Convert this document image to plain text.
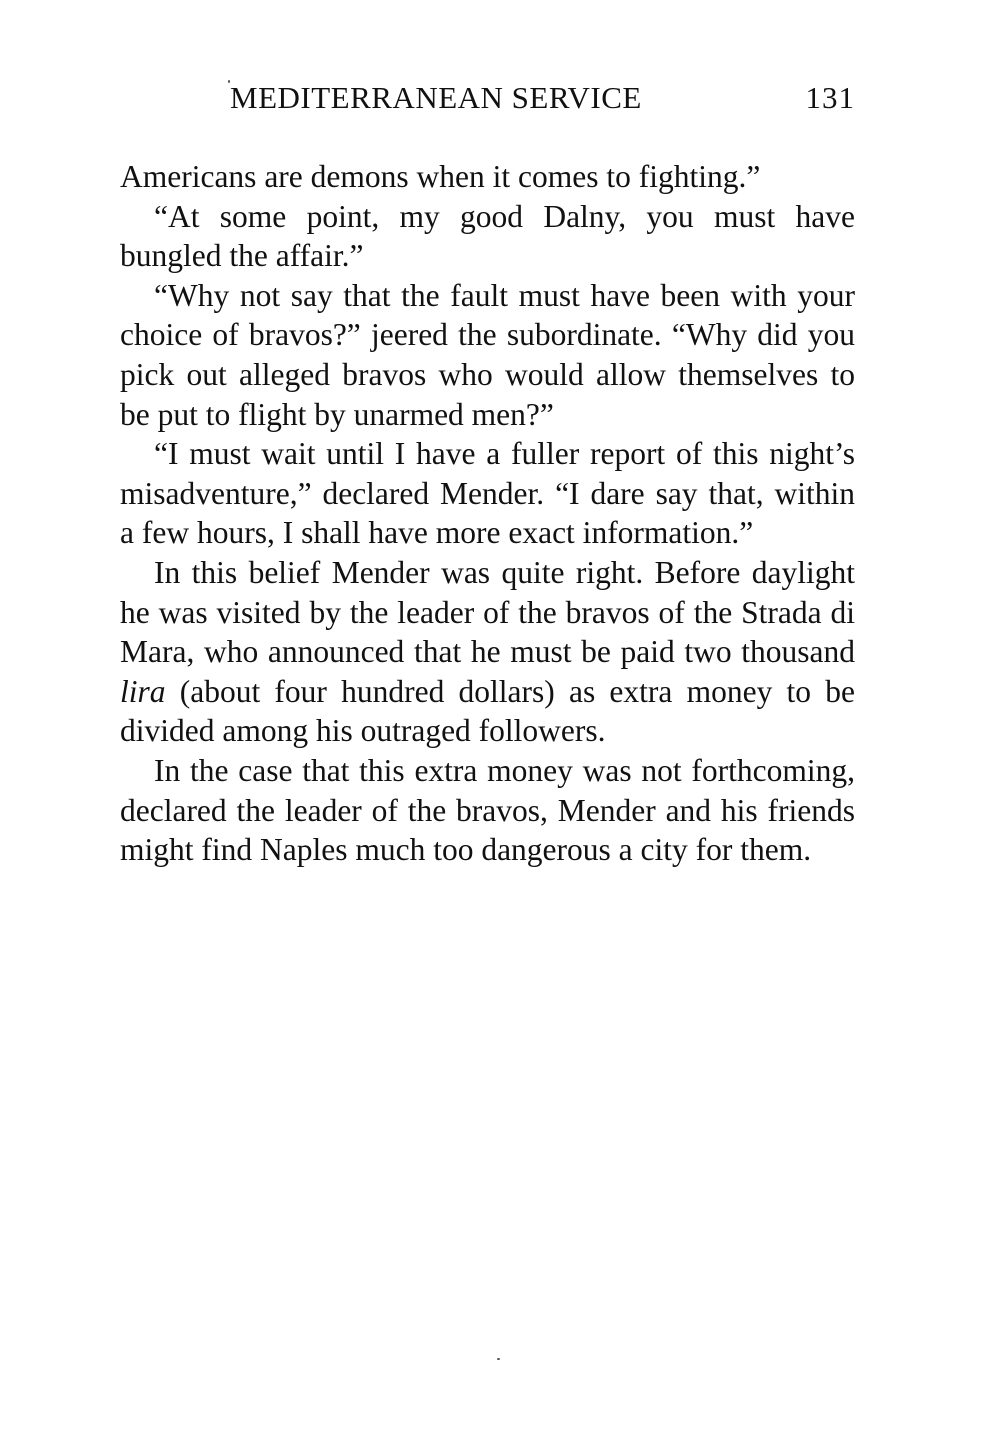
MEDITERRANEAN SERVICE	131

Americans are demons when it comes to fighting.”

“At some point, my good Dalny, you must have bungled the affair.”

“Why not say that the fault must have been with your choice of bravos?” jeered the subordinate. “Why did you pick out alleged bravos who would allow themselves to be put to flight by unarmed men?”

“I must wait until I have a fuller report of this night’s misadventure,” declared Mender. “I dare say that, within a few hours, I shall have more exact information.”

In this belief Mender was quite right. Before daylight he was visited by the leader of the bravos of the Strada di Mara, who announced that he must be paid two thousand lira (about four hundred dollars) as extra money to be divided among his outraged followers.

In the case that this extra money was not forthcoming, declared the leader of the bravos, Mender and his friends might find Naples much too dangerous a city for them.
